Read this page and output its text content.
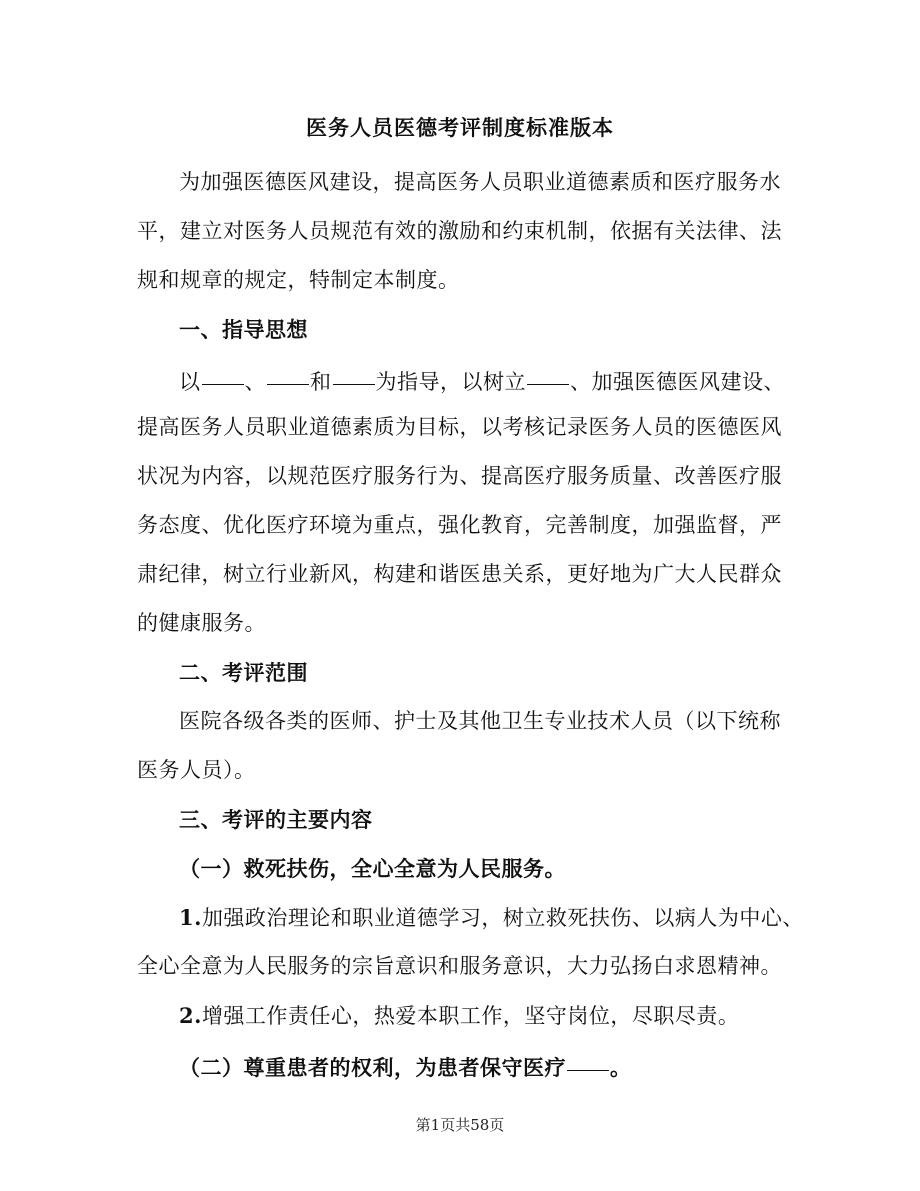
医务人员医德考评制度标准版本
为加强医德医风建设，提高医务人员职业道德素质和医疗服务水
平，建立对医务人员规范有效的激励和约束机制，依据有关法律、法
规和规章的规定，特制定本制度。
一、指导思想
以 、 和 为指导，以树立 、加强医德医风建设、
提高医务人员职业道德素质为目标，以考核记录医务人员的医德医风
状况为内容，以规范医疗服务行为、提高医疗服务质量、改善医疗服
务态度、优化医疗环境为重点，强化教育，完善制度，加强监督，严
肃纪律，树立行业新风，构建和谐医患关系，更好地为广大人民群众
的健康服务。
二、考评范围
医院各级各类的医师、护士及其他卫生专业技术人员（以下统称
医务人员）。
三、考评的主要内容
（一）救死扶伤，全心全意为人民服务。
1.加强政治理论和职业道德学习，树立救死扶伤、以病人为中心、
全心全意为人民服务的宗旨意识和服务意识，大力弘扬白求恩精神。
2.增强工作责任心，热爱本职工作，坚守岗位，尽职尽责。
（二）尊重患者的权利，为患者保守医疗 。
第1页共58页
